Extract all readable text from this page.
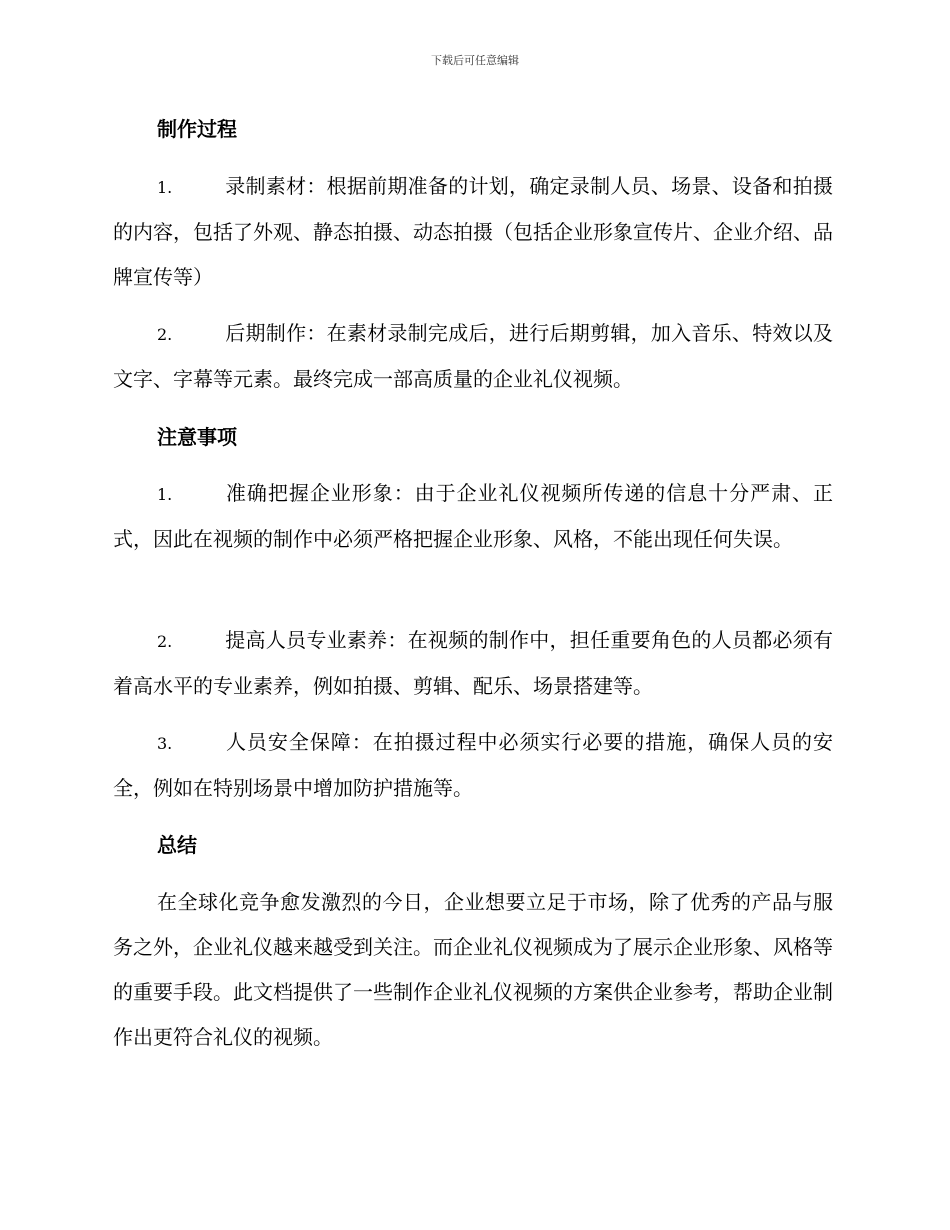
下载后可任意编辑
制作过程
1.	录制素材：根据前期准备的计划，确定录制人员、场景、设备和拍摄的内容，包括了外观、静态拍摄、动态拍摄（包括企业形象宣传片、企业介绍、品牌宣传等）
2.	后期制作：在素材录制完成后，进行后期剪辑，加入音乐、特效以及文字、字幕等元素。最终完成一部高质量的企业礼仪视频。
注意事项
1.	准确把握企业形象：由于企业礼仪视频所传递的信息十分严肃、正式，因此在视频的制作中必须严格把握企业形象、风格，不能出现任何失误。
2.	提高人员专业素养：在视频的制作中，担任重要角色的人员都必须有着高水平的专业素养，例如拍摄、剪辑、配乐、场景搭建等。
3.	人员安全保障：在拍摄过程中必须实行必要的措施，确保人员的安全，例如在特别场景中增加防护措施等。
总结
在全球化竞争愈发激烈的今日，企业想要立足于市场，除了优秀的产品与服务之外，企业礼仪越来越受到关注。而企业礼仪视频成为了展示企业形象、风格等的重要手段。此文档提供了一些制作企业礼仪视频的方案供企业参考，帮助企业制作出更符合礼仪的视频。
